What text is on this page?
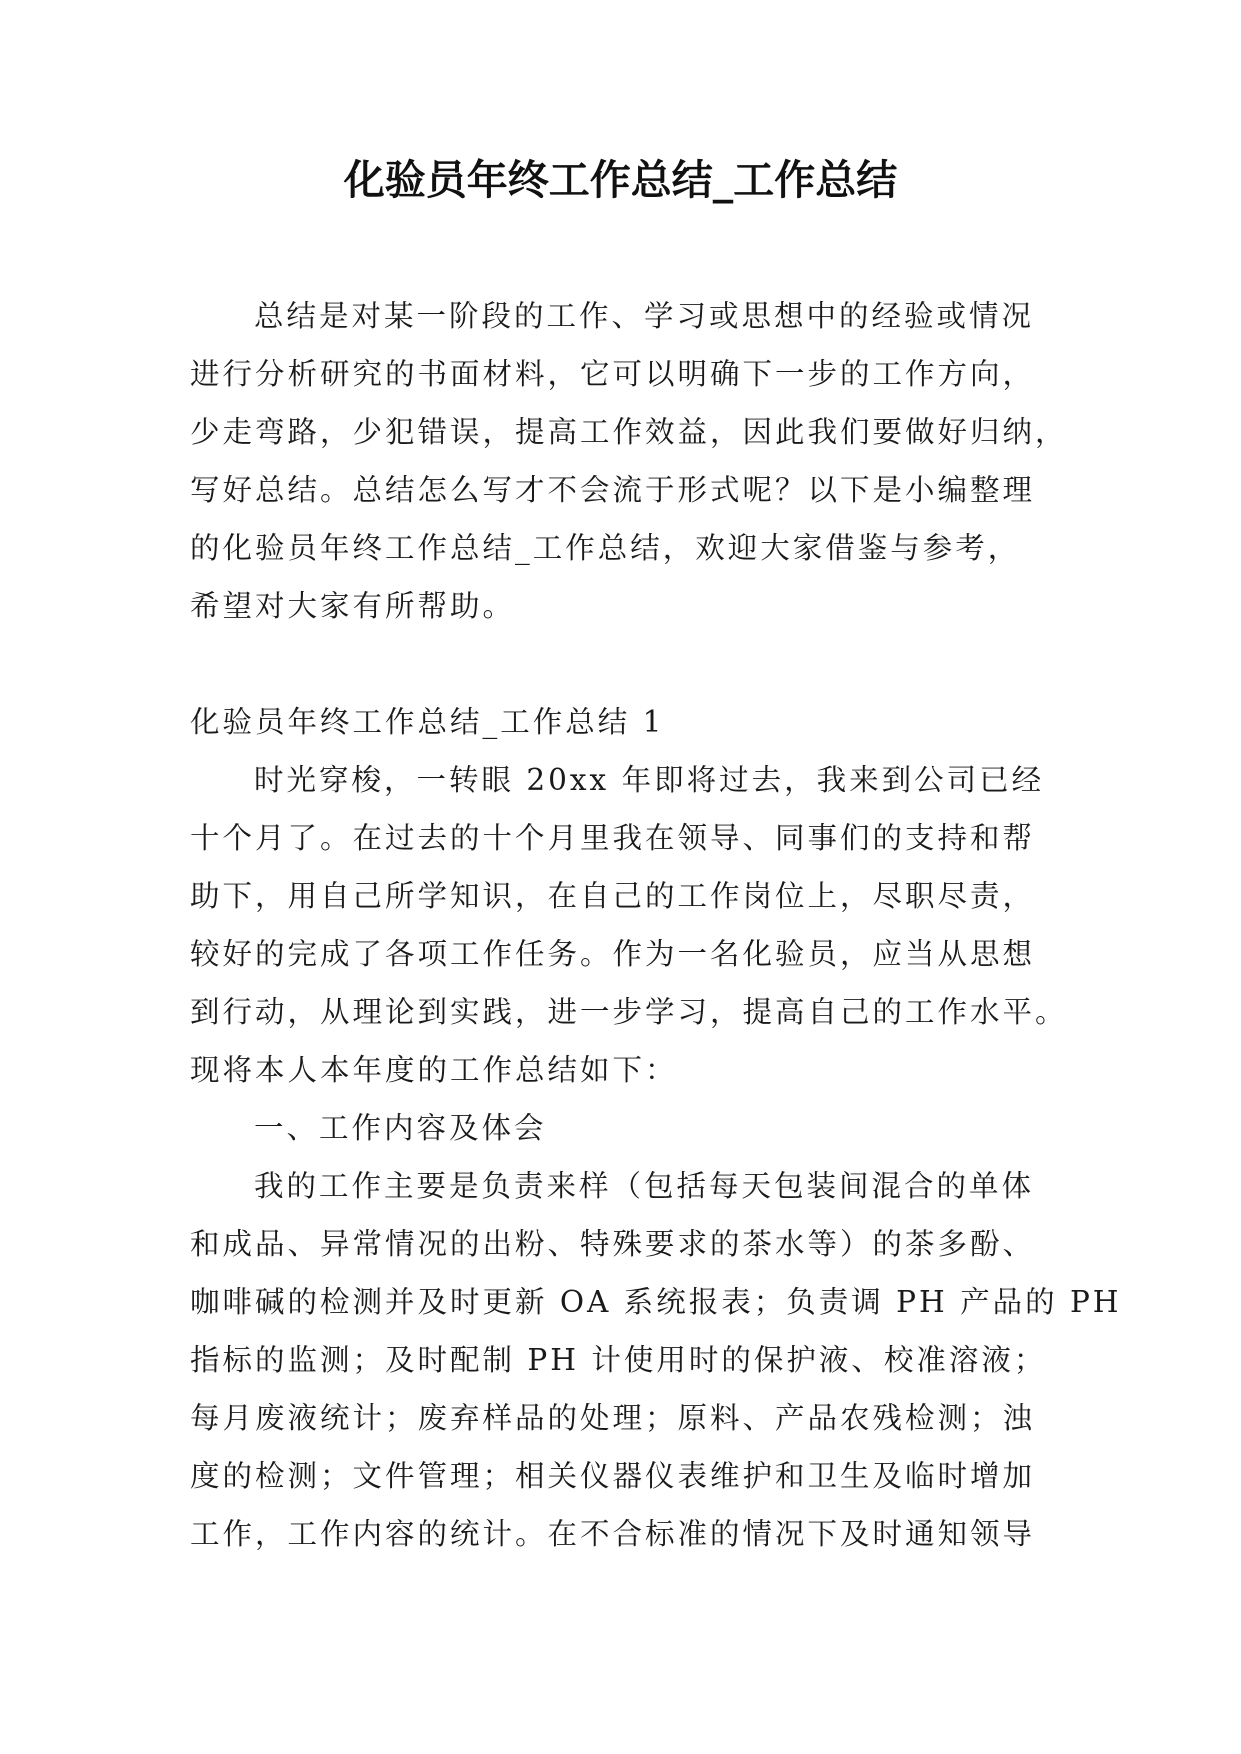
化验员年终工作总结_工作总结
总结是对某一阶段的工作、学习或思想中的经验或情况
进行分析研究的书面材料，它可以明确下一步的工作方向，
少走弯路，少犯错误，提高工作效益，因此我们要做好归纳，
写好总结。总结怎么写才不会流于形式呢？以下是小编整理
的化验员年终工作总结_工作总结，欢迎大家借鉴与参考，
希望对大家有所帮助。
化验员年终工作总结_工作总结 1
时光穿梭，一转眼 20xx 年即将过去，我来到公司已经
十个月了。在过去的十个月里我在领导、同事们的支持和帮
助下，用自己所学知识，在自己的工作岗位上，尽职尽责，
较好的完成了各项工作任务。作为一名化验员，应当从思想
到行动，从理论到实践，进一步学习，提高自己的工作水平。
现将本人本年度的工作总结如下：
一、工作内容及体会
我的工作主要是负责来样（包括每天包装间混合的单体
和成品、异常情况的出粉、特殊要求的茶水等）的茶多酚、
咖啡碱的检测并及时更新 OA 系统报表；负责调 PH 产品的 PH
指标的监测；及时配制 PH 计使用时的保护液、校准溶液；
每月废液统计；废弃样品的处理；原料、产品农残检测；浊
度的检测；文件管理；相关仪器仪表维护和卫生及临时增加
工作，工作内容的统计。在不合标准的情况下及时通知领导
